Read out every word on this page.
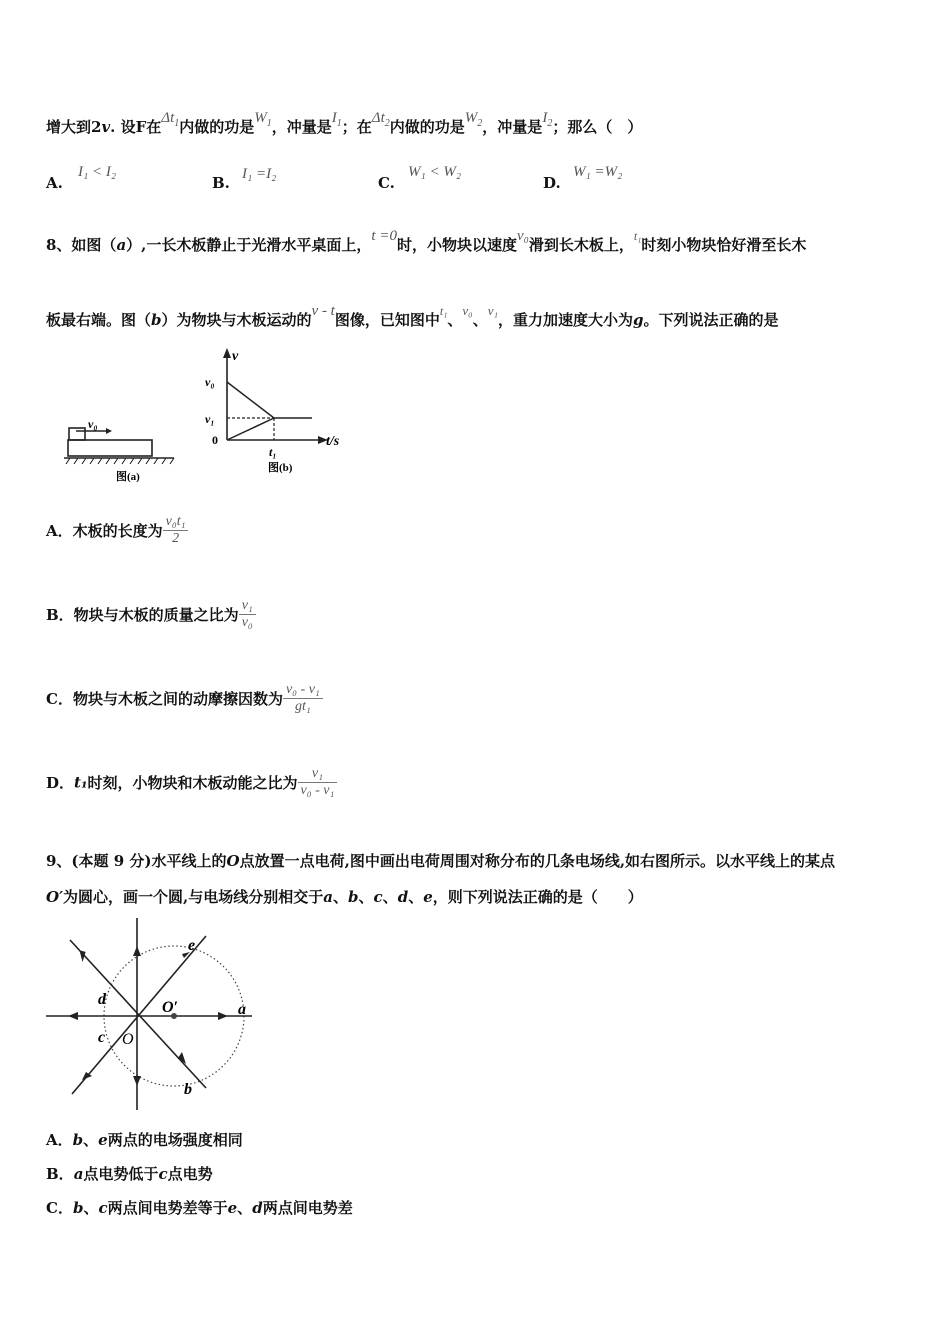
增大到2v. 设F在$\Delta t_1$内做的功是$W_1$，冲量是$I_1$；在$\Delta t_2$内做的功是$W_2$，冲量是$I_2$；那么（　）
A.
I₁ < I₂
B. I₁ =I₂	C.
W₁ < W₂
D.
W₁ =W₂
8、如图（a）,一长木板静止于光滑水平桌面上，t =0时，小物块以速度v₀滑到长木板上，$^{t_1}$时刻小物块恰好滑至长木
板最右端。图（b）为物块与木板运动的v - t图像，已知图中$^{t_1}$、v₀、v₁，重力加速度大小为g。下列说法正确的是
v₀
图(a)
v
t/s
v₀
v₁
0
t₁
图(b)
A．木板的长度为 $\frac{\text{v₀t₁}}{2}$
B．物块与木板的质量之比为 $\frac{\text{v₁}}{\text{v₀}}$
C．物块与木板之间的动摩擦因数为 $\frac{\text{v₀ - v₁}}{\text{gt₁}}$
D．t₁时刻，小物块和木板动能之比为 $\frac{\text{v₁}}{\text{v₀ - v₁}}$
9、(本题 9 分)水平线上的O点放置一点电荷,图中画出电荷周围对称分布的几条电场线,如右图所示。以水平线上的某点
O′为圆心，画一个圆,与电场线分别相交于a、b、c、d、e，则下列说法正确的是（　　）
a
b
c
d
e
O
O′
A．b、e两点的电场强度相同
B．a点电势低于c点电势
C．b、c两点间电势差等于e、d两点间电势差
